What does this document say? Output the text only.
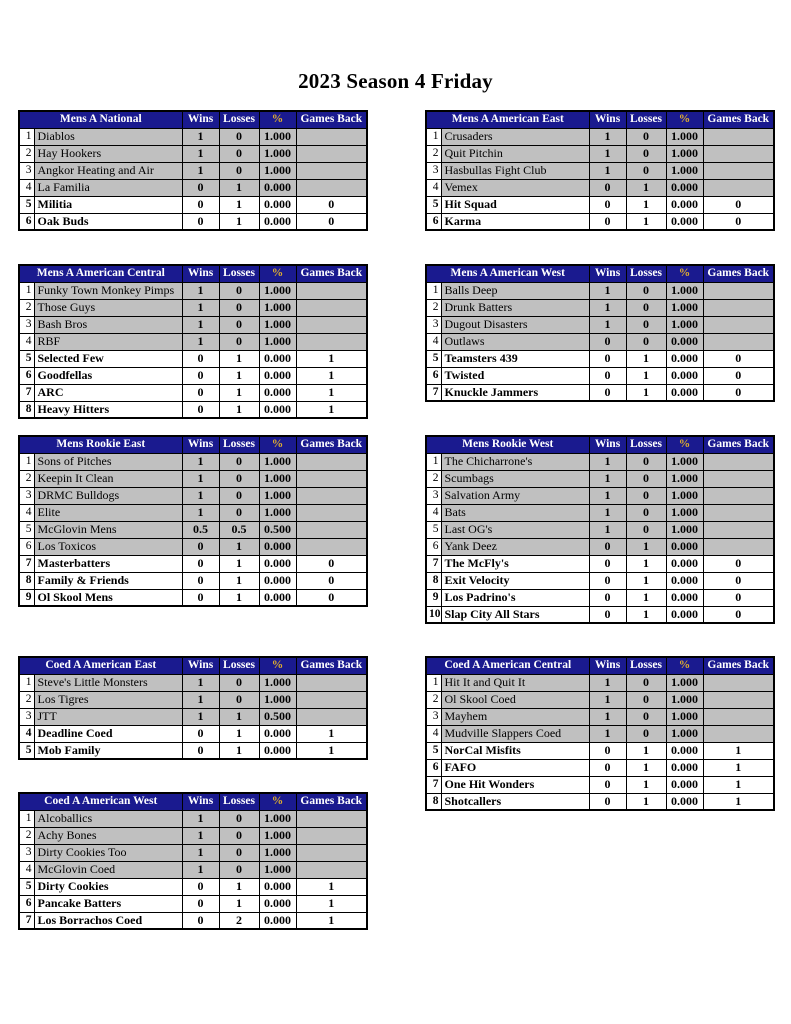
2023 Season 4 Friday
Mens A National		Wins	Losses	%	Games Back
1	Diablos	1	0	1.000	
2	Hay Hookers	1	0	1.000	
3	Angkor Heating and Air	1	0	1.000	
4	La Familia	0	1	0.000	
5	Militia	0	1	0.000	0
6	Oak Buds	0	1	0.000	0
Mens A American East		Wins	Losses	%	Games Back
1	Crusaders	1	0	1.000	
2	Quit Pitchin	1	0	1.000	
3	Hasbullas Fight Club	1	0	1.000	
4	Vemex	0	1	0.000	
5	Hit Squad	0	1	0.000	0
6	Karma	0	1	0.000	0
Mens A American Central		Wins	Losses	%	Games Back
1	Funky Town Monkey Pimps	1	0	1.000	
2	Those Guys	1	0	1.000	
3	Bash Bros	1	0	1.000	
4	RBF	1	0	1.000	
5	Selected Few	0	1	0.000	1
6	Goodfellas	0	1	0.000	1
7	ARC	0	1	0.000	1
8	Heavy Hitters	0	1	0.000	1
Mens A American West		Wins	Losses	%	Games Back
1	Balls Deep	1	0	1.000	
2	Drunk Batters	1	0	1.000	
3	Dugout Disasters	1	0	1.000	
4	Outlaws	0	0	0.000	
5	Teamsters 439	0	1	0.000	0
6	Twisted	0	1	0.000	0
7	Knuckle Jammers	0	1	0.000	0
Mens Rookie East		Wins	Losses	%	Games Back
1	Sons of Pitches	1	0	1.000	
2	Keepin It Clean	1	0	1.000	
3	DRMC Bulldogs	1	0	1.000	
4	Elite	1	0	1.000	
5	McGlovin Mens	0.5	0.5	0.500	
6	Los Toxicos	0	1	0.000	
7	Masterbatters	0	1	0.000	0
8	Family & Friends	0	1	0.000	0
9	Ol Skool Mens	0	1	0.000	0
Mens Rookie West		Wins	Losses	%	Games Back
1	The Chicharrone's	1	0	1.000	
2	Scumbags	1	0	1.000	
3	Salvation Army	1	0	1.000	
4	Bats	1	0	1.000	
5	Last OG's	1	0	1.000	
6	Yank Deez	0	1	0.000	
7	The McFly's	0	1	0.000	0
8	Exit Velocity	0	1	0.000	0
9	Los Padrino's	0	1	0.000	0
10	Slap City All Stars	0	1	0.000	0
Coed A American East		Wins	Losses	%	Games Back
1	Steve's Little Monsters	1	0	1.000	
2	Los Tigres	1	0	1.000	
3	JTT	1	1	0.500	
4	Deadline Coed	0	1	0.000	1
5	Mob Family	0	1	0.000	1
Coed A American Central		Wins	Losses	%	Games Back
1	Hit It and Quit It	1	0	1.000	
2	Ol Skool Coed	1	0	1.000	
3	Mayhem	1	0	1.000	
4	Mudville Slappers Coed	1	0	1.000	
5	NorCal Misfits	0	1	0.000	1
6	FAFO	0	1	0.000	1
7	One Hit Wonders	0	1	0.000	1
8	Shotcallers	0	1	0.000	1
Coed A American West		Wins	Losses	%	Games Back
1	Alcoballics	1	0	1.000	
2	Achy Bones	1	0	1.000	
3	Dirty Cookies Too	1	0	1.000	
4	McGlovin Coed	1	0	1.000	
5	Dirty Cookies	0	1	0.000	1
6	Pancake Batters	0	1	0.000	1
7	Los Borrachos Coed	0	2	0.000	1
